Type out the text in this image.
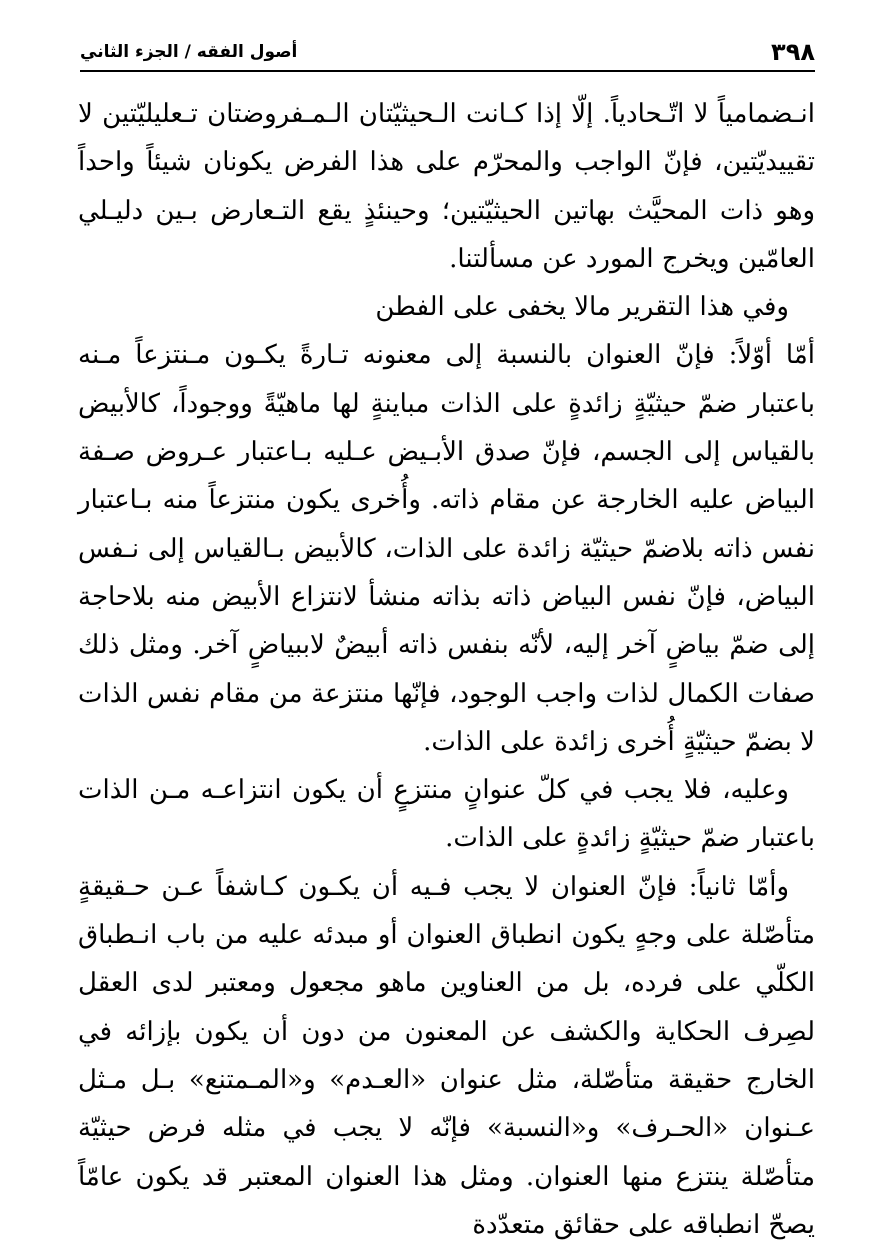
٣٩٨
أصول الفقه / الجزء الثاني

انـضمامياً لا اتّـحادياً. إلّا إذا كـانت الـحيثيّتان الـمـفروضتان تـعليليّتين لا تقييديّتين، فإنّ الواجب والمحرّم على هذا الفرض يكونان شيئاً واحداً وهو ذات المحيَّث بهاتين الحيثيّتين؛ وحينئذٍ يقع التـعارض بـين دليـلي العامّين ويخرج المورد عن مسألتنا.

وفي هذا التقرير مالا يخفى على الفطن

أمّا أوّلاً: فإنّ العنوان بالنسبة إلى معنونه تـارةً يكـون مـنتزعاً مـنه باعتبار ضمّ حيثيّةٍ زائدةٍ على الذات مباينةٍ لها ماهيّةً ووجوداً، كالأبيض بالقياس إلى الجسم، فإنّ صدق الأبـيض عـليه بـاعتبار عـروض صـفة البياض عليه الخارجة عن مقام ذاته. وأُخرى يكون منتزعاً منه بـاعتبار نفس ذاته بلاضمّ حيثيّة زائدة على الذات، كالأبيض بـالقياس إلى نـفس البياض، فإنّ نفس البياض ذاته بذاته منشأ لانتزاع الأبيض منه بلاحاجة إلى ضمّ بياضٍ آخر إليه، لأنّه بنفس ذاته أبيضٌ لاببياضٍ آخر. ومثل ذلك صفات الكمال لذات واجب الوجود، فإنّها منتزعة من مقام نفس الذات لا بضمّ حيثيّةٍ أُخرى زائدة على الذات.

وعليه، فلا يجب في كلّ عنوانٍ منتزعٍ أن يكون انتزاعـه مـن الذات باعتبار ضمّ حيثيّةٍ زائدةٍ على الذات.

وأمّا ثانياً: فإنّ العنوان لا يجب فـيه أن يكـون كـاشفاً عـن حـقيقةٍ متأصّلة على وجهٍ يكون انطباق العنوان أو مبدئه عليه من باب انـطباق الكلّي على فرده، بل من العناوين ماهو مجعول ومعتبر لدى العقل لصِرف الحكاية والكشف عن المعنون من دون أن يكون بإزائه في الخارج حقيقة متأصّلة، مثل عنوان «العـدم» و«المـمتنع» بـل مـثل عـنوان «الحـرف» و«النسبة» فإنّه لا يجب في مثله فرض حيثيّة متأصّلة ينتزع منها العنوان. ومثل هذا العنوان المعتبر قد يكون عامّاً يصحّ انطباقه على حقائق متعدّدة
